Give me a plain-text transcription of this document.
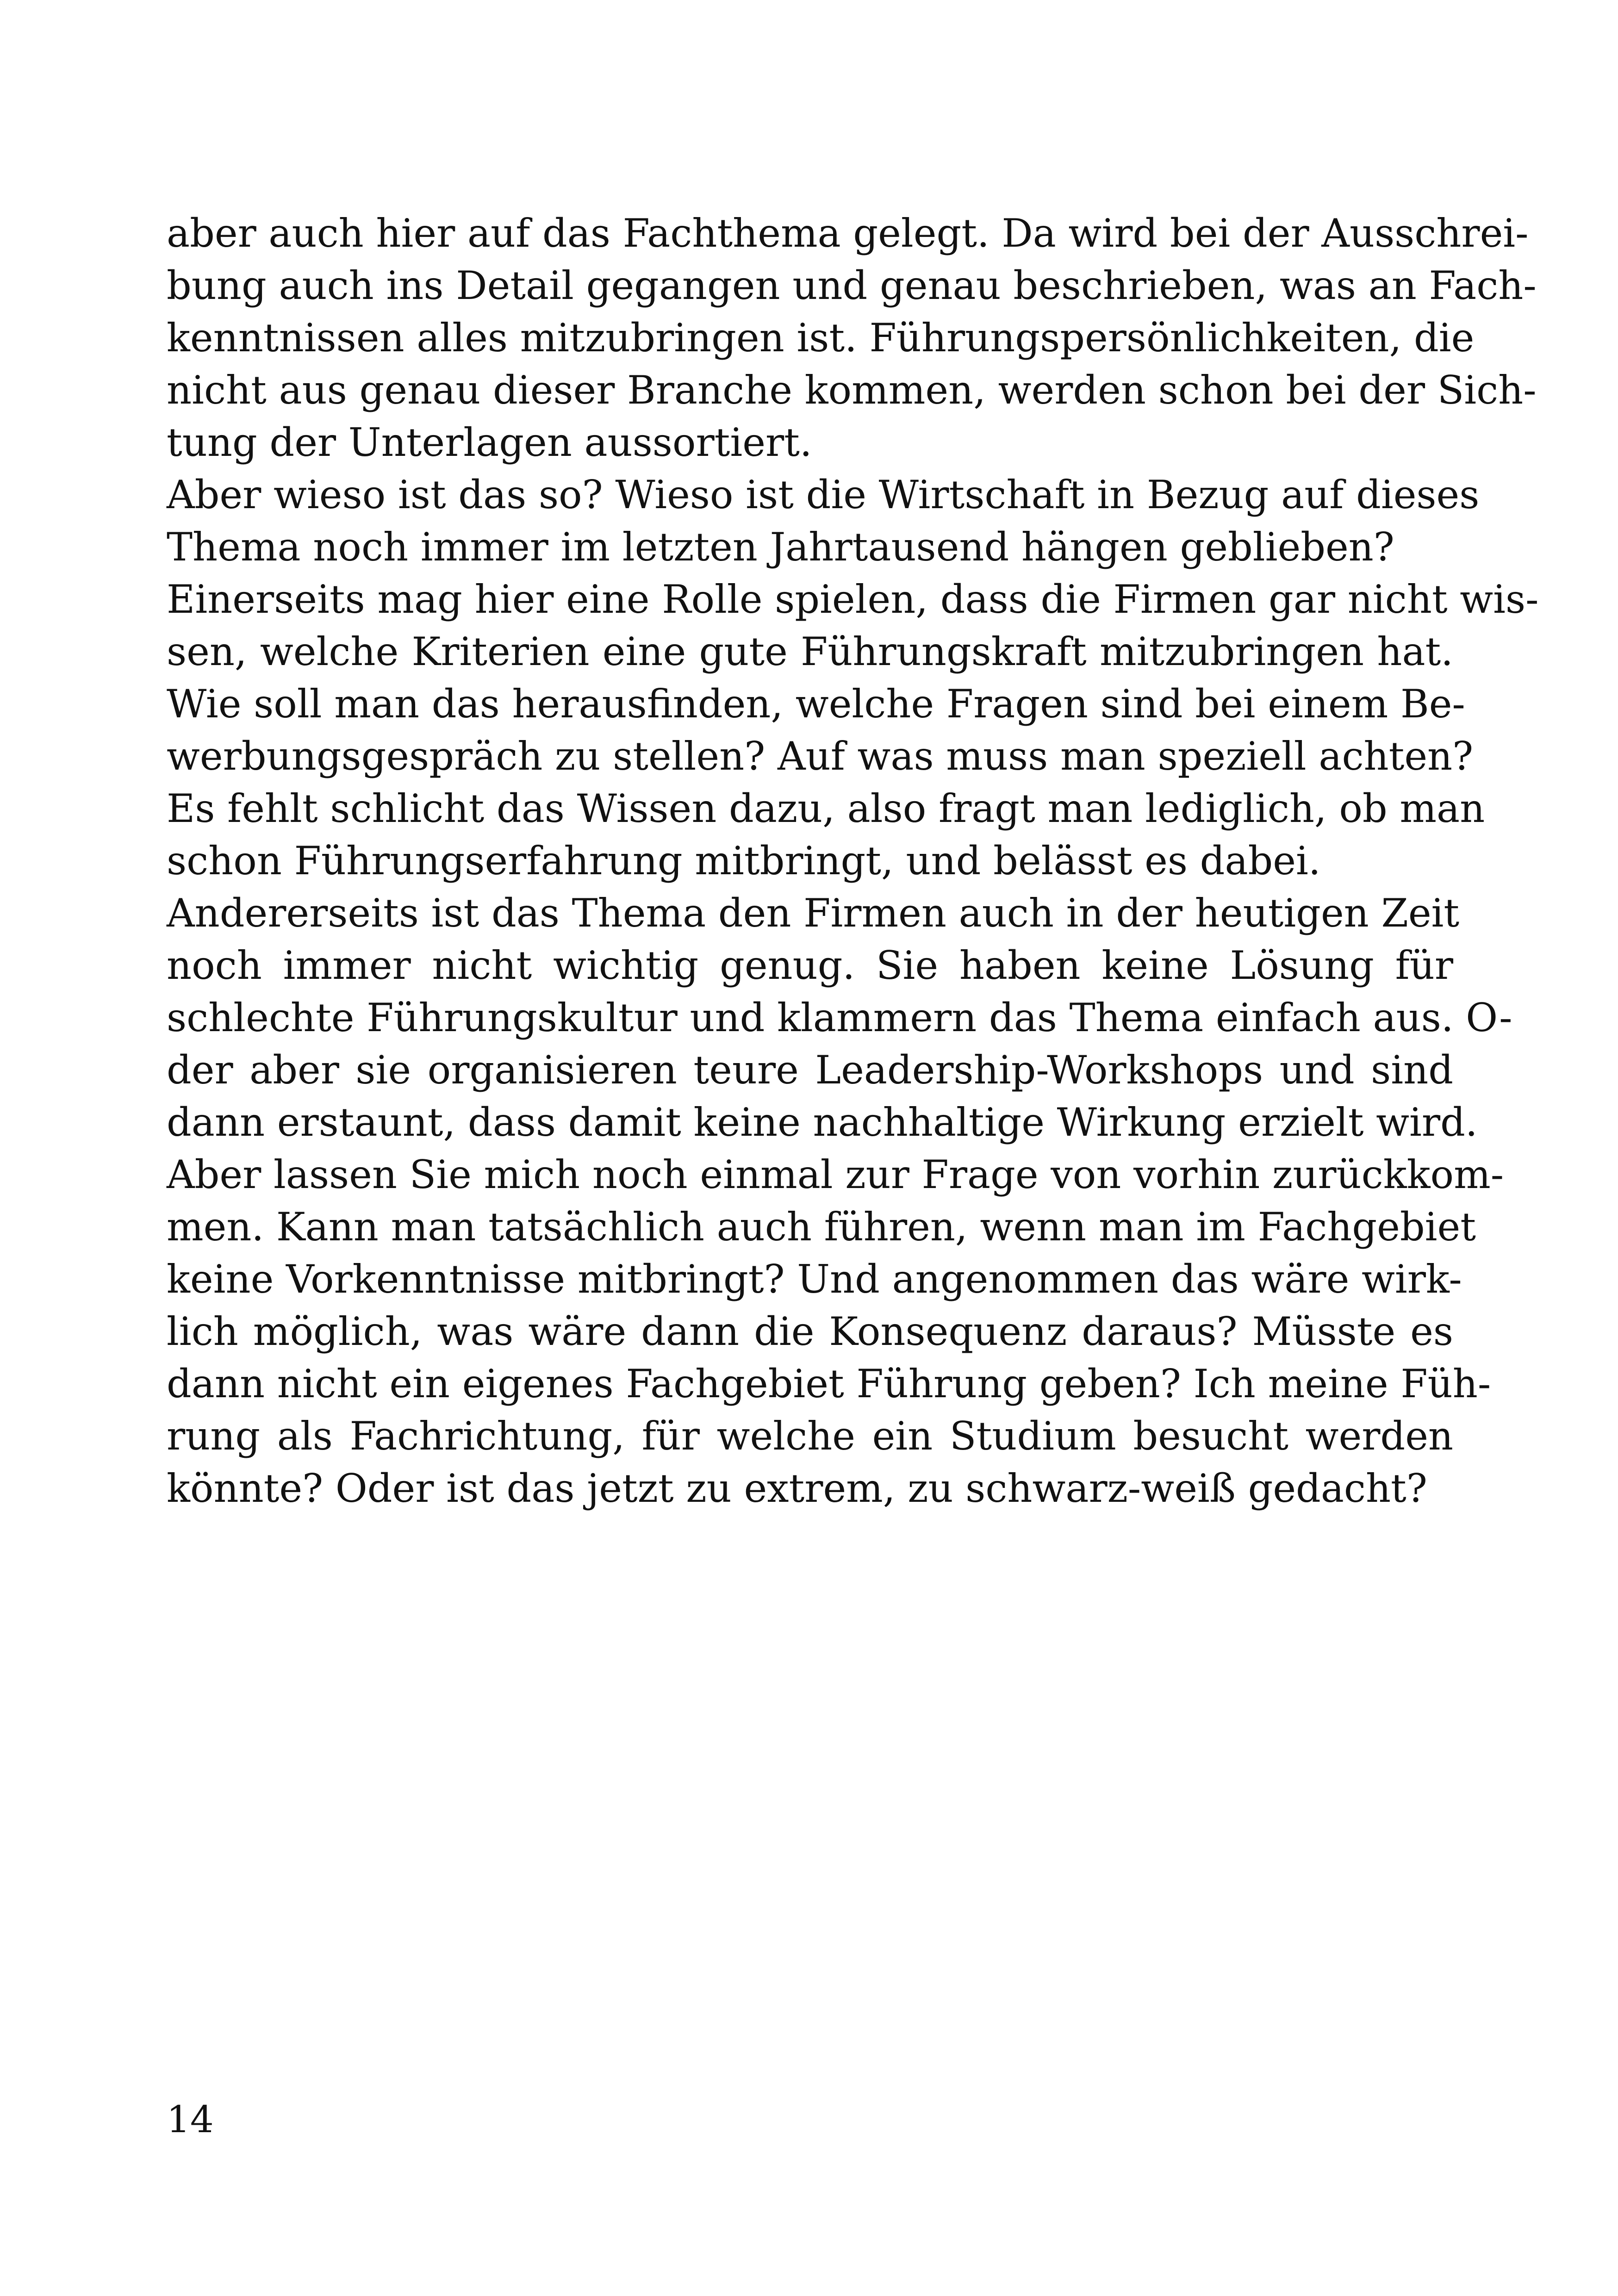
aber auch hier auf das Fachthema gelegt. Da wird bei der Ausschrei-
bung auch ins Detail gegangen und genau beschrieben, was an Fach-
kenntnissen alles mitzubringen ist. Führungspersönlichkeiten, die
nicht aus genau dieser Branche kommen, werden schon bei der Sich-
tung der Unterlagen aussortiert.
Aber wieso ist das so? Wieso ist die Wirtschaft in Bezug auf dieses
Thema noch immer im letzten Jahrtausend hängen geblieben?
Einerseits mag hier eine Rolle spielen, dass die Firmen gar nicht wis-
sen, welche Kriterien eine gute Führungskraft mitzubringen hat.
Wie soll man das herausfinden, welche Fragen sind bei einem Be-
werbungsgespräch zu stellen? Auf was muss man speziell achten?
Es fehlt schlicht das Wissen dazu, also fragt man lediglich, ob man
schon Führungserfahrung mitbringt, und belässt es dabei.
Andererseits ist das Thema den Firmen auch in der heutigen Zeit
noch immer nicht wichtig genug. Sie haben keine Lösung für
schlechte Führungskultur und klammern das Thema einfach aus. O-
der aber sie organisieren teure Leadership-Workshops und sind
dann erstaunt, dass damit keine nachhaltige Wirkung erzielt wird.
Aber lassen Sie mich noch einmal zur Frage von vorhin zurückkom-
men. Kann man tatsächlich auch führen, wenn man im Fachgebiet
keine Vorkenntnisse mitbringt? Und angenommen das wäre wirk-
lich möglich, was wäre dann die Konsequenz daraus? Müsste es
dann nicht ein eigenes Fachgebiet Führung geben? Ich meine Füh-
rung als Fachrichtung, für welche ein Studium besucht werden
könnte? Oder ist das jetzt zu extrem, zu schwarz-weiß gedacht?
14
